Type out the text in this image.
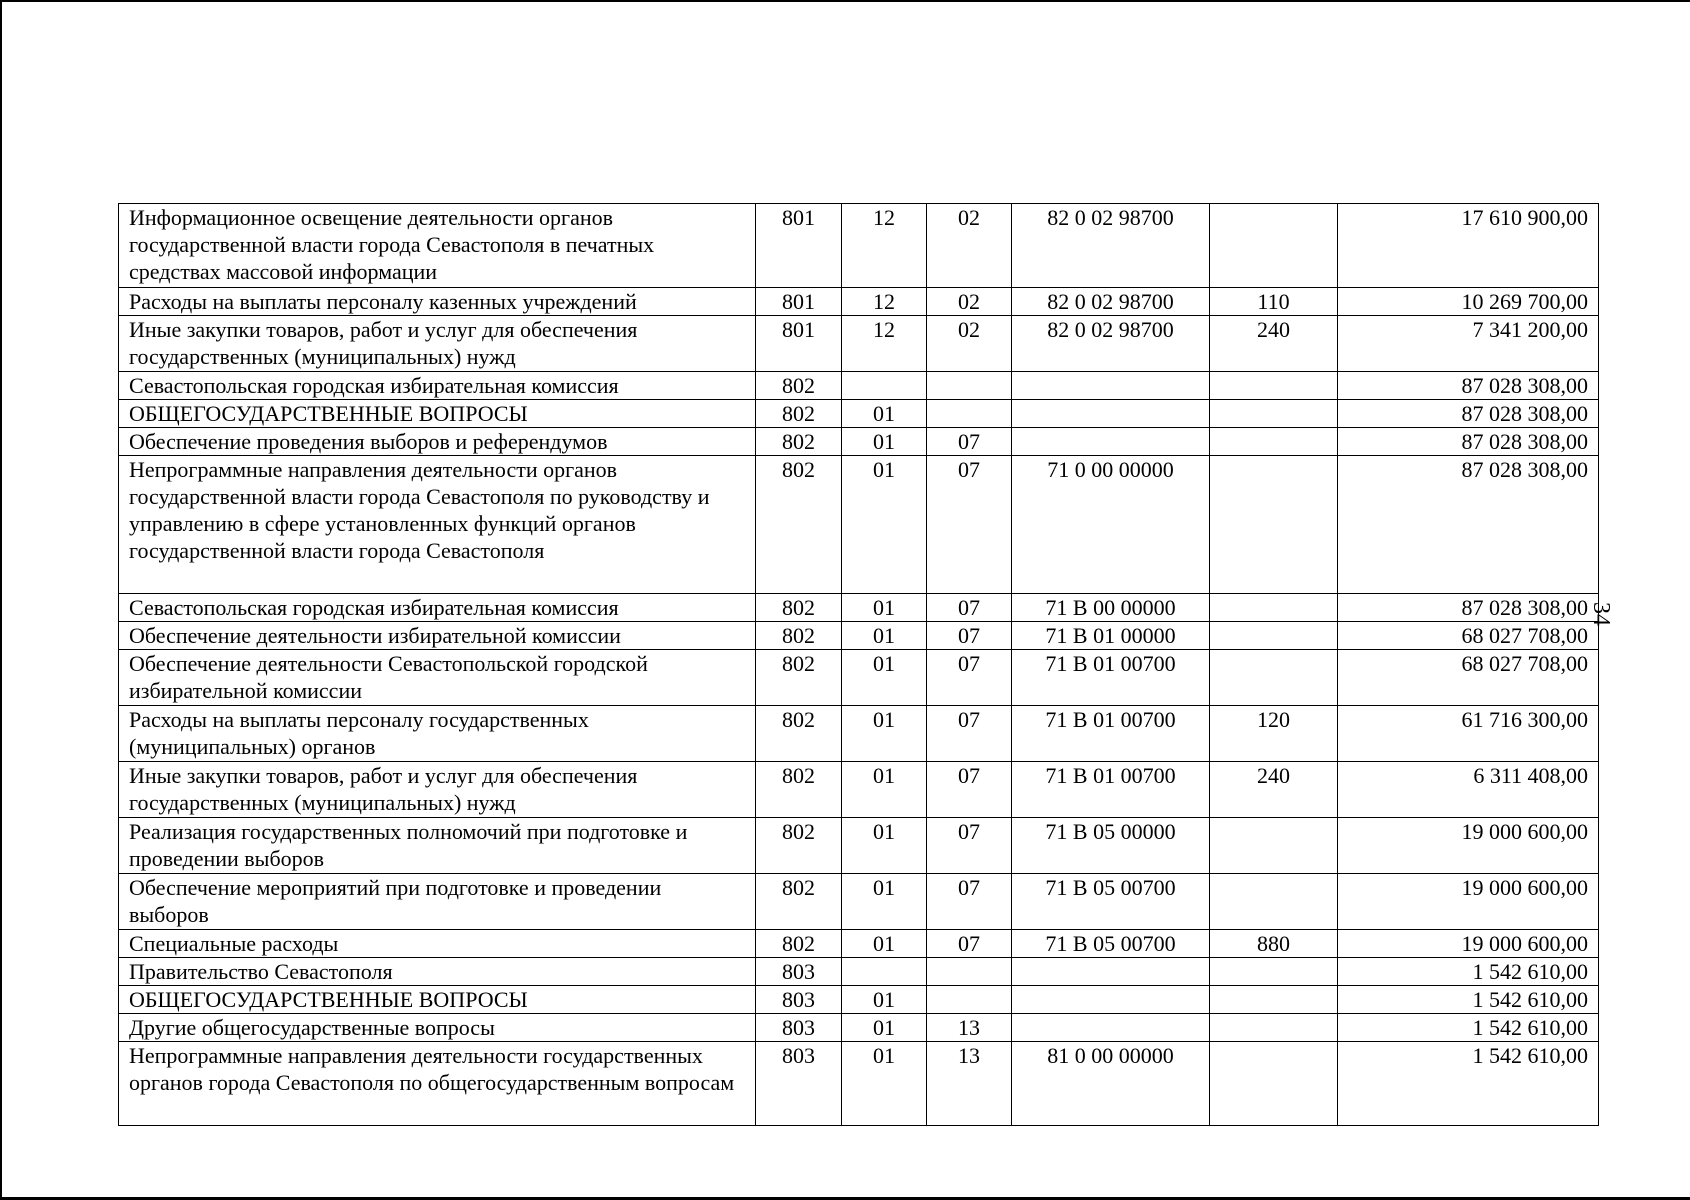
Информационное освещение деятельности органов государственной власти города Севастополя в печатных средствах массовой информации	801	12	02	82 0 02 98700		17 610 900,00
Расходы на выплаты персоналу казенных учреждений	801	12	02	82 0 02 98700	110	10 269 700,00
Иные закупки товаров, работ и услуг для обеспечения государственных (муниципальных) нужд	801	12	02	82 0 02 98700	240	7 341 200,00
Севастопольская городская избирательная комиссия	802					87 028 308,00
ОБЩЕГОСУДАРСТВЕННЫЕ ВОПРОСЫ	802	01				87 028 308,00
Обеспечение проведения выборов и референдумов	802	01	07			87 028 308,00
Непрограммные направления деятельности органов государственной власти города Севастополя по руководству и управлению в сфере установленных функций органов государственной власти города Севастополя	802	01	07	71 0 00 00000		87 028 308,00
Севастопольская городская избирательная комиссия	802	01	07	71 В 00 00000		87 028 308,00
Обеспечение деятельности избирательной комиссии	802	01	07	71 В 01 00000		68 027 708,00
Обеспечение деятельности Севастопольской городской избирательной комиссии	802	01	07	71 В 01 00700		68 027 708,00
Расходы на выплаты персоналу государственных (муниципальных) органов	802	01	07	71 В 01 00700	120	61 716 300,00
Иные закупки товаров, работ и услуг для обеспечения государственных (муниципальных) нужд	802	01	07	71 В 01 00700	240	6 311 408,00
Реализация государственных полномочий при подготовке и проведении выборов	802	01	07	71 В 05 00000		19 000 600,00
Обеспечение мероприятий при подготовке и проведении выборов	802	01	07	71 В 05 00700		19 000 600,00
Специальные расходы	802	01	07	71 В 05 00700	880	19 000 600,00
Правительство Севастополя	803					1 542 610,00
ОБЩЕГОСУДАРСТВЕННЫЕ ВОПРОСЫ	803	01				1 542 610,00
Другие общегосударственные вопросы	803	01	13			1 542 610,00
Непрограммные направления деятельности государственных органов города Севастополя по общегосударственным вопросам	803	01	13	81 0 00 00000		1 542 610,00
34
